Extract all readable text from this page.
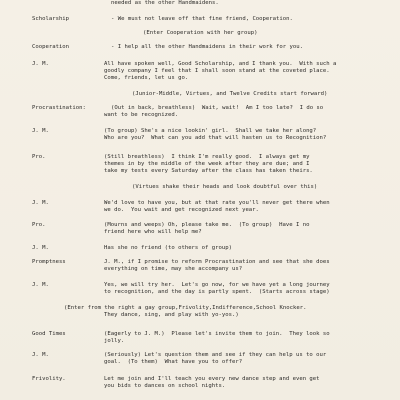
needed as the other Handmaidens.
Scholarship	- We must not leave off that fine friend, Cooperation.
(Enter Cooperation with her group)
Cooperation	- I help all the other Handmaidens in their work for you.
J. M.	All have spoken well, Good Scholarship, and I thank you.  With such a
goodly company I feel that I shall soon stand at the coveted place.
Come, friends, let us go.
(Junior-Middle, Virtues, and Twelve Credits start forward)
Procrastination:	(Out in back, breathless)  Wait, wait!  Am I too late?  I do so
want to be recognized.
J. M.	(To group) She's a nice lookin' girl.  Shall we take her along?
Who are you?  What can you add that will hasten us to Recognition?
Pro.	(Still breathless)  I think I'm really good.  I always get my
themes in by the middle of the week after they are due; and I
take my tests every Saturday after the class has taken theirs.
(Virtues shake their heads and look doubtful over this)
J. M.	We'd love to have you, but at that rate you'll never get there when
we do.  You wait and get recognized next year.
Pro.	(Mourns and weeps) Oh, please take me.  (To group)  Have I no
friend here who will help me?
J. M.	Has she no friend (to others of group)
Promptness	J. M., if I promise to reform Procrastination and see that she does
everything on time, may she accompany us?
J. M.	Yes, we will try her.  Let's go now, for we have yet a long journey
to recognition, and the day is partly spent.  (Starts across stage)
(Enter from the right a gay group,Frivolity,Indifference,School Knocker.
They dance, sing, and play with yo-yos.)
Good Times	(Eagerly to J. M.)  Please let's invite them to join.  They look so
jolly.
J. M.	(Seriously) Let's question them and see if they can help us to our
goal.  (To them)  What have you to offer?
Frivolity.	Let me join and I'll teach you every new dance step and even get
you bids to dances on school nights.
